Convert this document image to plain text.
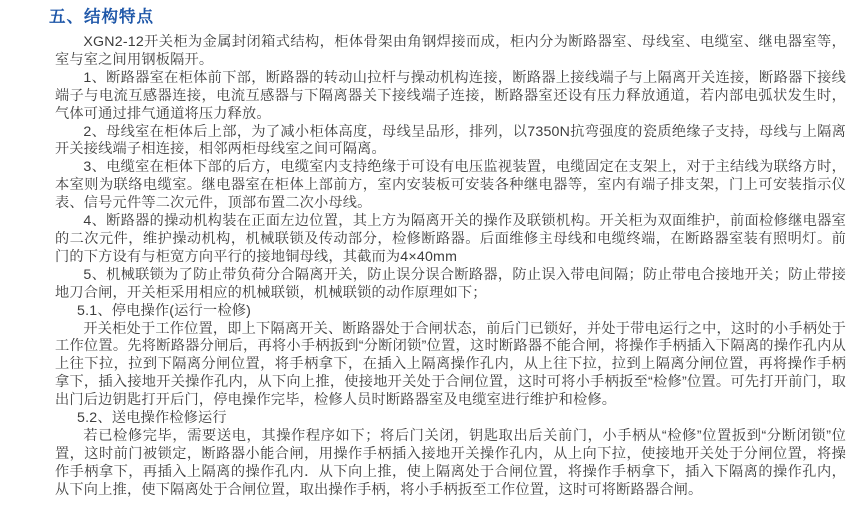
五、结构特点

XGN2-12开关柜为金属封闭箱式结构，柜体骨架由角钢焊接而成，柜内分为断路器室、母线室、电缆室、继电器室等，室与室之间用钢板隔开。

1、断路器室在柜体前下部，断路器的转动山拉杆与操动机构连接，断路器上接线端子与上隔离开关连接，断路器下接线端子与电流互感器连接，电流互感器与下隔离器关下接线端子连接，断路器室还设有压力释放通道，若内部电弧状发生时，气体可通过排气通道将压力释放。

2、母线室在柜体后上部，为了减小柜体高度，母线呈品形，排列，以7350N抗弯强度的瓷质绝缘子支持，母线与上隔离开关接线端子相连接，相邻两柜母线室之间可隔离。

3、电缆室在柜体下部的后方，电缆室内支持绝缘于可设有电压监视装置，电缆固定在支架上，对于主结线为联络方时，本室则为联络电缆室。继电器室在柜体上部前方，室内安装板可安装各种继电器等，室内有端子排支架，门上可安装指示仪表、信号元件等二次元件，顶部布置二次小母线。

4、断路器的操动机构装在正面左边位置，其上方为隔离开关的操作及联锁机构。开关柜为双面维护，前面检修继电器室的二次元件，维护操动机构，机械联锁及传动部分，检修断路器。后面维修主母线和电缆终端，在断路器室装有照明灯。前门的下方设有与柜宽方向平行的接地铜母线，其截而为4×40mm

5、机械联锁为了防止带负荷分合隔离开关，防止误分误合断路器，防止误入带电间隔；防止带电合接地开关；防止带接地刀合闸，开关柜采用相应的机械联锁，机械联锁的动作原理如下；

5.1、停电操作(运行一检修)

开关柜处于工作位置，即上下隔离开关、断路器处于合闸状态，前后门已锁好，并处于带电运行之中，这时的小手柄处于工作位置。先将断路器分闸后，再将小手柄扳到“分断闭锁”位置，这时断路器不能合闸，将操作手柄插入下隔离的操作孔内从上往下拉，拉到下隔离分闸位置，将手柄拿下，在插入上隔离操作孔内，从上往下拉，拉到上隔离分闸位置，再将操作手柄拿下，插入接地开关操作孔内，从下向上推，使接地开关处于合闸位置，这时可将小手柄扳至“检修”位置。可先打开前门，取出门后边钥匙打开后门，停电操作完毕，检修人员时断路器室及电缆室进行维护和检修。

5.2、送电操作检修运行

若已检修完毕，需要送电，其操作程序如下；将后门关闭，钥匙取出后关前门，小手柄从“检修”位置扳到“分断闭锁”位置，这时前门被锁定，断路器小能合闸，用操作手柄插入接地开关操作孔内，从上向下拉，使接地开关处于分闸位置，将操作手柄拿下，再插入上隔离的操作孔内．从下向上推，使上隔离处于合闸位置，将操作手柄拿下，插入下隔离的操作孔内，从下向上推，使下隔离处于合闸位置，取出操作手柄，将小手柄扳至工作位置，这时可将断路器合闸。
